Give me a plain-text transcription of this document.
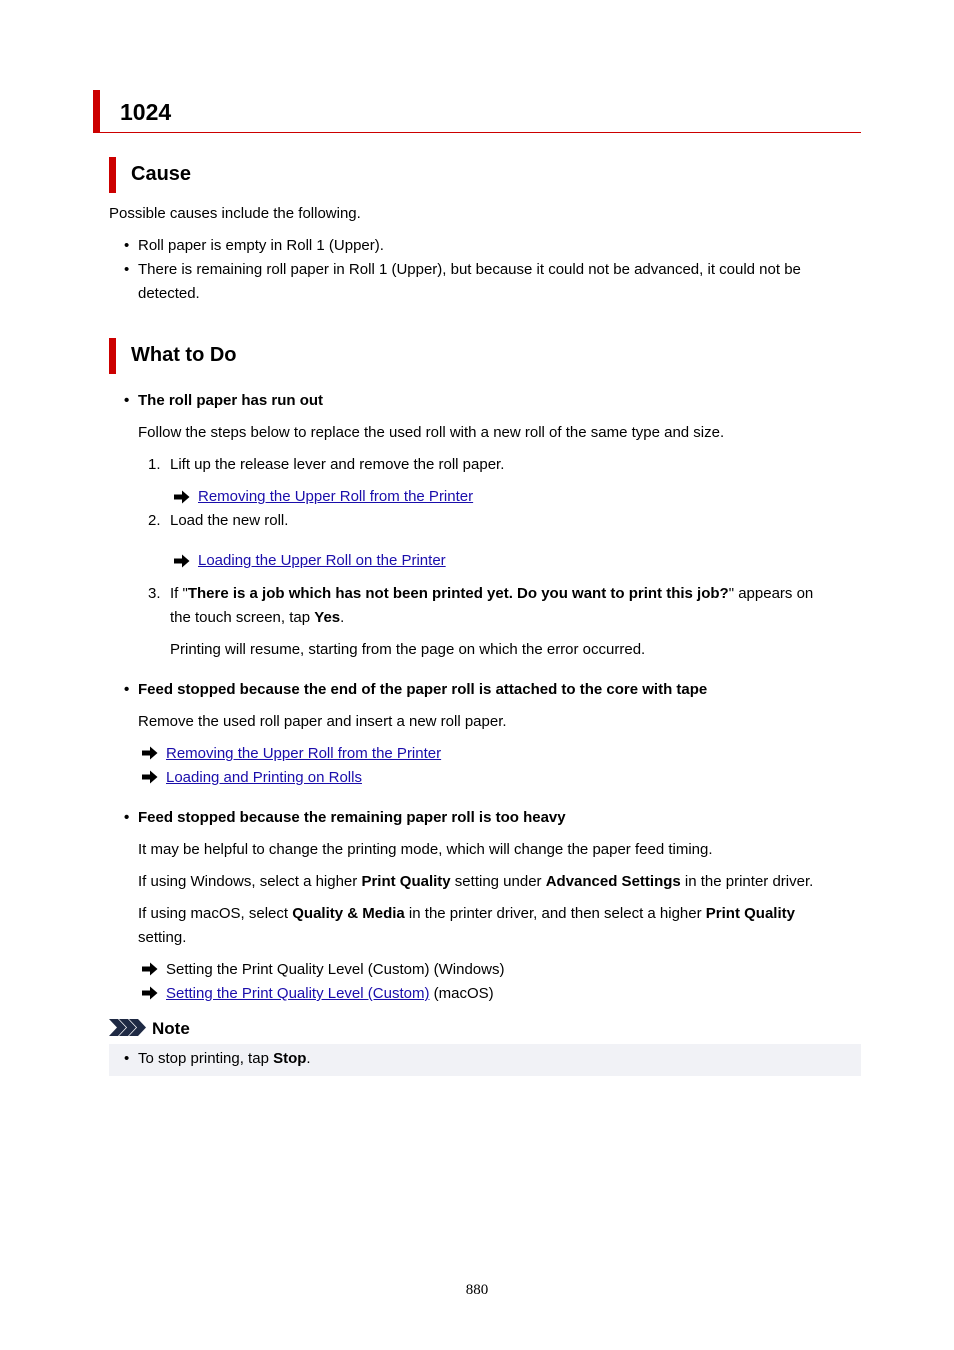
1024
Cause
Possible causes include the following.
• Roll paper is empty in Roll 1 (Upper).
• There is remaining roll paper in Roll 1 (Upper), but because it could not be advanced, it could not be
detected.
What to Do
• The roll paper has run out
Follow the steps below to replace the used roll with a new roll of the same type and size.
1. Lift up the release lever and remove the roll paper.
Removing the Upper Roll from the Printer
2. Load the new roll.
Loading the Upper Roll on the Printer
3. If "There is a job which has not been printed yet. Do you want to print this job?" appears on
the touch screen, tap Yes.
Printing will resume, starting from the page on which the error occurred.
• Feed stopped because the end of the paper roll is attached to the core with tape
Remove the used roll paper and insert a new roll paper.
Removing the Upper Roll from the Printer
Loading and Printing on Rolls
• Feed stopped because the remaining paper roll is too heavy
It may be helpful to change the printing mode, which will change the paper feed timing.
If using Windows, select a higher Print Quality setting under Advanced Settings in the printer driver.
If using macOS, select Quality & Media in the printer driver, and then select a higher Print Quality
setting.
Setting the Print Quality Level (Custom) (Windows)
Setting the Print Quality Level (Custom) (macOS)
Note
• To stop printing, tap Stop.
880
